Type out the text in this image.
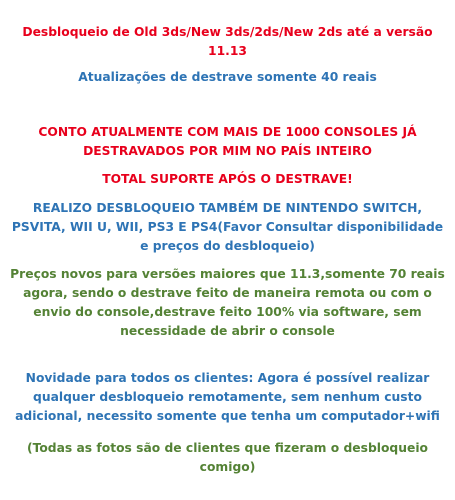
Desbloqueio de Old 3ds/New 3ds/2ds/New 2ds até a versão 11.13

Atualizações de destrave somente 40 reais

CONTO ATUALMENTE COM MAIS DE 1000 CONSOLES JÁ DESTRAVADOS POR MIM NO PAÍS INTEIRO

TOTAL SUPORTE APÓS O DESTRAVE!

REALIZO DESBLOQUEIO TAMBÉM DE NINTENDO SWITCH, PSVITA, WII U, WII, PS3 E PS4(Favor Consultar disponibilidade e preços do desbloqueio)

Preços novos para versões maiores que 11.3,somente 70 reais agora, sendo o destrave feito de maneira remota ou com o envio do console,destrave feito 100% via software, sem necessidade de abrir o console

Novidade para todos os clientes: Agora é possível realizar qualquer desbloqueio remotamente, sem nenhum custo adicional, necessito somente que tenha um computador+wifi

(Todas as fotos são de clientes que fizeram o desbloqueio comigo)
